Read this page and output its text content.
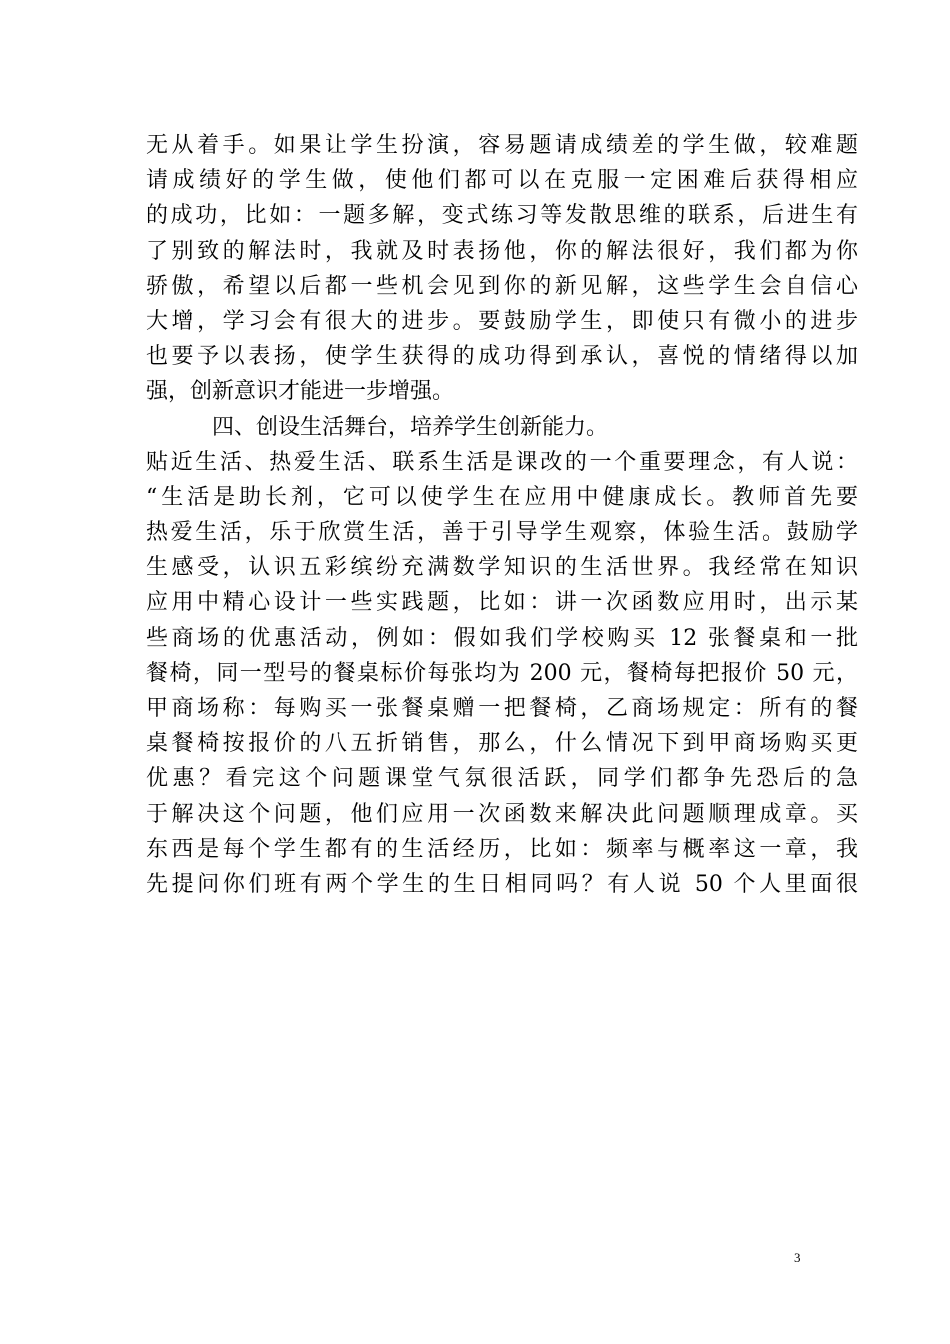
无从着手。如果让学生扮演，容易题请成绩差的学生做，较难题
请成绩好的学生做，使他们都可以在克服一定困难后获得相应
的成功，比如：一题多解，变式练习等发散思维的联系，后进生有
了别致的解法时，我就及时表扬他，你的解法很好，我们都为你
骄傲，希望以后都一些机会见到你的新见解，这些学生会自信心
大增，学习会有很大的进步。要鼓励学生，即使只有微小的进步
也要予以表扬，使学生获得的成功得到承认，喜悦的情绪得以加
强，创新意识才能进一步增强。
四、创设生活舞台，培养学生创新能力。
贴近生活、热爱生活、联系生活是课改的一个重要理念，有人说：
“生活是助长剂，它可以使学生在应用中健康成长。教师首先要
热爱生活，乐于欣赏生活，善于引导学生观察，体验生活。鼓励学
生感受，认识五彩缤纷充满数学知识的生活世界。我经常在知识
应用中精心设计一些实践题，比如：讲一次函数应用时，出示某
些商场的优惠活动，例如：假如我们学校购买 12 张餐桌和一批
餐椅，同一型号的餐桌标价每张均为 200 元，餐椅每把报价 50 元，
甲商场称：每购买一张餐桌赠一把餐椅，乙商场规定：所有的餐
桌餐椅按报价的八五折销售，那么，什么情况下到甲商场购买更
优惠？看完这个问题课堂气氛很活跃，同学们都争先恐后的急
于解决这个问题，他们应用一次函数来解决此问题顺理成章。买
东西是每个学生都有的生活经历，比如：频率与概率这一章，我
先提问你们班有两个学生的生日相同吗？有人说 50 个人里面很
3
